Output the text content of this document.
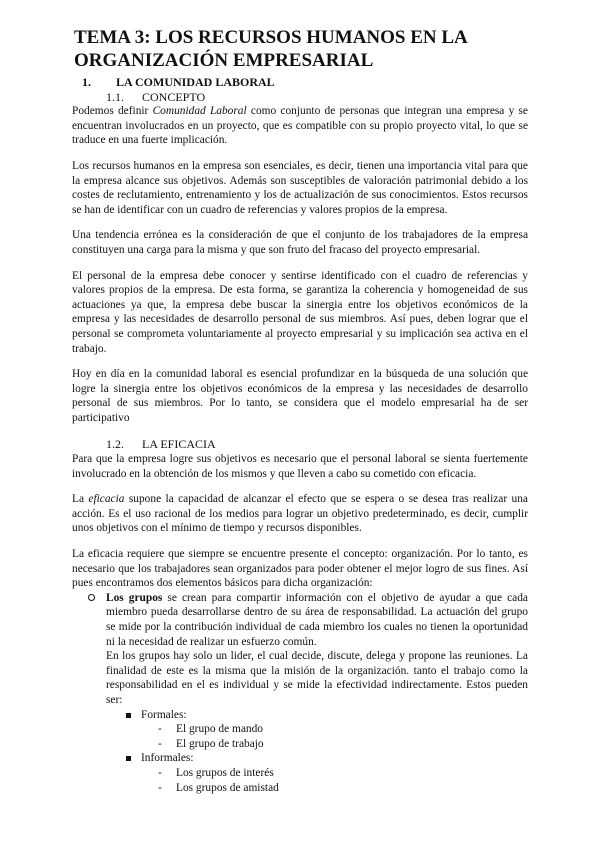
TEMA 3: LOS RECURSOS HUMANOS EN LA ORGANIZACIÓN EMPRESARIAL
1. LA COMUNIDAD LABORAL
1.1. CONCEPTO

Podemos definir Comunidad Laboral como conjunto de personas que integran una empresa y se encuentran involucrados en un proyecto, que es compatible con su propio proyecto vital, lo que se traduce en una fuerte implicación.

Los recursos humanos en la empresa son esenciales, es decir, tienen una importancia vital para que la empresa alcance sus objetivos. Además son susceptibles de valoración patrimonial debido a los costes de reclutamiento, entrenamiento y los de actualización de sus conocimientos. Estos recursos se han de identificar con un cuadro de referencias y valores propios de la empresa.

Una tendencia errónea es la consideración de que el conjunto de los trabajadores de la empresa constituyen una carga para la misma y que son fruto del fracaso del proyecto empresarial.

El personal de la empresa debe conocer y sentirse identificado con el cuadro de referencias y valores propios de la empresa. De esta forma, se garantiza la coherencia y homogeneidad de sus actuaciones ya que, la empresa debe buscar la sinergia entre los objetivos económicos de la empresa y las necesidades de desarrollo personal de sus miembros. Así pues, deben lograr que el personal se comprometa voluntariamente al proyecto empresarial y su implicación sea activa en el trabajo.

Hoy en día en la comunidad laboral es esencial profundizar en la búsqueda de una solución que logre la sinergia entre los objetivos económicos de la empresa y las necesidades de desarrollo personal de sus miembros. Por lo tanto, se considera que el modelo empresarial ha de ser participativo

1.2. LA EFICACIA

Para que la empresa logre sus objetivos es necesario que el personal laboral se sienta fuertemente involucrado en la obtención de los mismos y que lleven a cabo su cometido con eficacia.

La eficacia supone la capacidad de alcanzar el efecto que se espera o se desea tras realizar una acción. Es el uso racional de los medios para lograr un objetivo predeterminado, es decir, cumplir unos objetivos con el mínimo de tiempo y recursos disponibles.

La eficacia requiere que siempre se encuentre presente el concepto: organización. Por lo tanto, es necesario que los trabajadores sean organizados para poder obtener el mejor logro de sus fines. Así pues encontramos dos elementos básicos para dicha organización:

Los grupos se crean para compartir información con el objetivo de ayudar a que cada miembro pueda desarrollarse dentro de su área de responsabilidad. La actuación del grupo se mide por la contribución individual de cada miembro los cuales no tienen la oportunidad ni la necesidad de realizar un esfuerzo común.

En los grupos hay solo un lider, el cual decide, discute, delega y propone las reuniones. La finalidad de este es la misma que la misión de la organización. tanto el trabajo como la responsabilidad en el es individual y se mide la efectividad indirectamente. Estos pueden ser:

Formales:
- El grupo de mando
- El grupo de trabajo
Informales:
- Los grupos de interés
- Los grupos de amistad
